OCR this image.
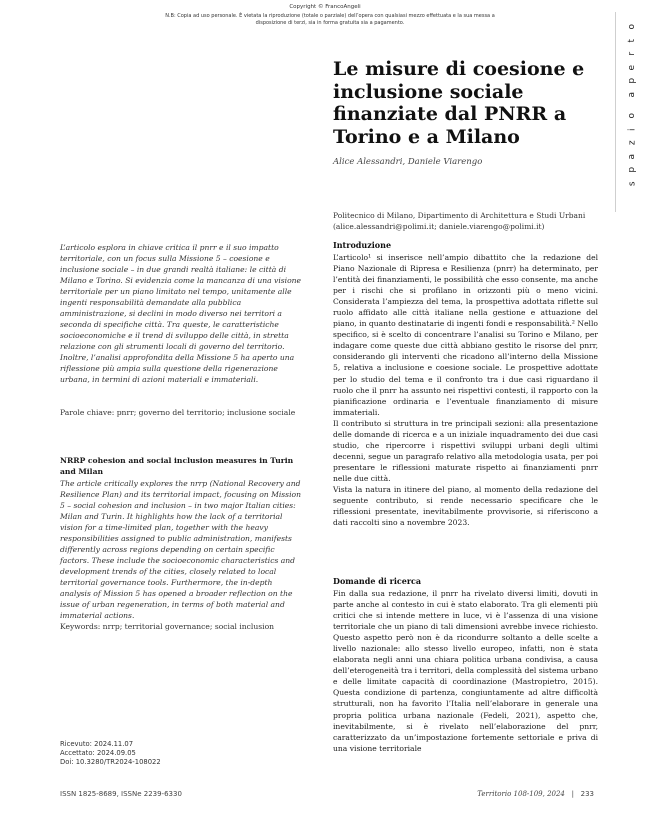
Copyright © FrancoAngeli
N.B: Copia ad uso personale. È vietata la riproduzione (totale o parziale) dell’opera con qualsiasi mezzo effettuata e la sua messa a disposizione di terzi, sia in forma gratuita sia a pagamento.
o
t
r
e
p
a
o
i
z
a
p
s
Le misure di coesione e inclusione sociale finanziate dal PNRR a Torino e a Milano
Alice Alessandri, Daniele Viarengo
Politecnico di Milano, Dipartimento di Architettura e Studi Urbani (alice.alessandri@polimi.it; daniele.viarengo@polimi.it)

L’articolo esplora in chiave critica il pnrr e il suo impatto territoriale, con un focus sulla Missione 5 – coesione e inclusione sociale – in due grandi realtà italiane: le città di Milano e Torino. Si evidenzia come la mancanza di una visione territoriale per un piano limitato nel tempo, unitamente alle ingenti responsabilità demandate alla pubblica amministrazione, si declini in modo diverso nei territori a seconda di specifiche città. Tra queste, le caratteristiche socioeconomiche e il trend di sviluppo delle città, in stretta relazione con gli strumenti locali di governo del territorio. Inoltre, l’analisi approfondita della Missione 5 ha aperto una riflessione più ampia sulla questione della rigenerazione urbana, in termini di azioni materiali e immateriali.

Parole chiave: pnrr; governo del territorio; inclusione sociale

NRRP cohesion and social inclusion measures in Turin and Milan

The article critically explores the nrrp (National Recovery and Resilience Plan) and its territorial impact, focusing on Mission 5 – social cohesion and inclusion – in two major Italian cities: Milan and Turin. It highlights how the lack of a territorial vision for a time-limited plan, together with the heavy responsibilities assigned to public administration, manifests differently across regions depending on certain specific factors. These include the socioeconomic characteristics and development trends of the cities, closely related to local territorial governance tools. Furthermore, the in-depth analysis of Mission 5 has opened a broader reflection on the issue of urban regeneration, in terms of both material and immaterial actions.

Keywords: nrrp; territorial governance; social inclusion

Ricevuto: 2024.11.07
Accettato: 2024.09.05
Doi: 10.3280/TR2024-108022
Introduzione

L’articolo¹ si inserisce nell’ampio dibattito che la redazione del Piano Nazionale di Ripresa e Resilienza (pnrr) ha determinato, per l’entità dei finanziamenti, le possibilità che esso consente, ma anche per i rischi che si profilano in orizzonti più o meno vicini. Considerata l’ampiezza del tema, la prospettiva adottata riflette sul ruolo affidato alle città italiane nella gestione e attuazione del piano, in quanto destinatarie di ingenti fondi e responsabilità.² Nello specifico, si è scelto di concentrare l’analisi su Torino e Milano, per indagare come queste due città abbiano gestito le risorse del pnrr, considerando gli interventi che ricadono all’interno della Missione 5, relativa a inclusione e coesione sociale. Le prospettive adottate per lo studio del tema e il confronto tra i due casi riguardano il ruolo che il pnrr ha assunto nei rispettivi contesti, il rapporto con la pianificazione ordinaria e l’eventuale finanziamento di misure immateriali.

Il contributo si struttura in tre principali sezioni: alla presentazione delle domande di ricerca e a un iniziale inquadramento dei due casi studio, che ripercorre i rispettivi sviluppi urbani degli ultimi decenni, segue un paragrafo relativo alla metodologia usata, per poi presentare le riflessioni maturate rispetto ai finanziamenti pnrr nelle due città.

Vista la natura in itinere del piano, al momento della redazione del seguente contributo, si rende necessario specificare che le riflessioni presentate, inevitabilmente provvisorie, si riferiscono a dati raccolti sino a novembre 2023.

Domande di ricerca

Fin dalla sua redazione, il pnrr ha rivelato diversi limiti, dovuti in parte anche al contesto in cui è stato elaborato. Tra gli elementi più critici che si intende mettere in luce, vi è l’assenza di una visione territoriale che un piano di tali dimensioni avrebbe invece richiesto. Questo aspetto però non è da ricondurre soltanto a delle scelte a livello nazionale: allo stesso livello europeo, infatti, non è stata elaborata negli anni una chiara politica urbana condivisa, a causa dell’eterogeneità tra i territori, della complessità del sistema urbano e delle limitate capacità di coordinazione (Mastropietro, 2015). Questa condizione di partenza, congiuntamente ad altre difficoltà strutturali, non ha favorito l’Italia nell’elaborare in generale una propria politica urbana nazionale (Fedeli, 2021), aspetto che, inevitabilmente, si è rivelato nell’elaborazione del pnrr, caratterizzato da un’impostazione fortemente settoriale e priva di una visione territoriale

ISSN 1825-8689, ISSNe 2239-6330	Territorio 108-109, 2024   |   233
